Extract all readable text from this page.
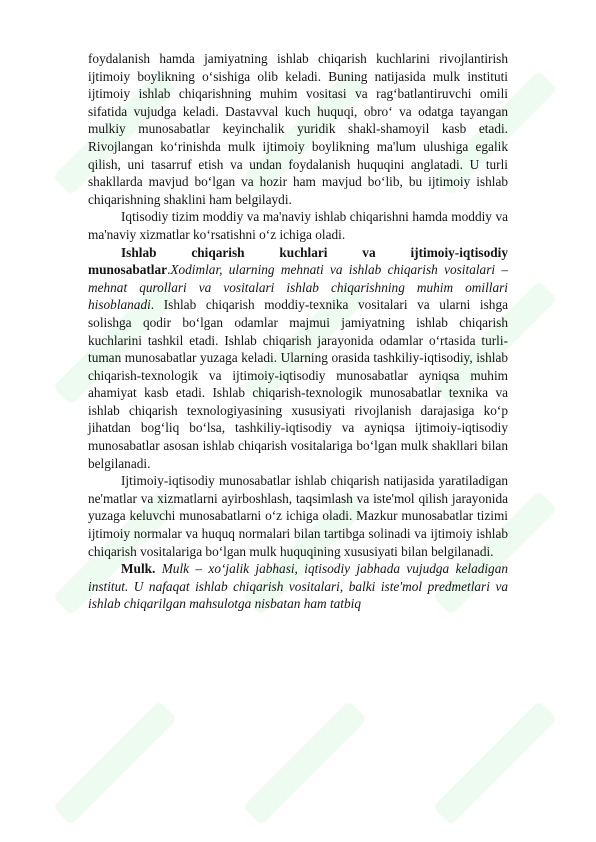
foydalanish hamda jamiyatning ishlab chiqarish kuchlarini rivojlantirish ijtimoiy boylikning o‘sishiga olib keladi. Buning natijasida mulk instituti ijtimoiy ishlab chiqarishning muhim vositasi va rag‘batlantiruvchi omili sifatida vujudga keladi. Dastavval kuch huquqi, obro‘ va odatga tayangan mulkiy munosabatlar keyinchalik yuridik shakl-shamoyil kasb etadi. Rivojlangan ko‘rinishda mulk ijtimoiy boylikning ma'lum ulushiga egalik qilish, uni tasarruf etish va undan foydalanish huquqini anglatadi. U turli shakllarda mavjud bo‘lgan va hozir ham mavjud bo‘lib, bu ijtimoiy ishlab chiqarishning shaklini ham belgilaydi.

Iqtisodiy tizim moddiy va ma'naviy ishlab chiqarishni hamda moddiy va ma'naviy xizmatlar ko‘rsatishni o‘z ichiga oladi.

Ishlab chiqarish kuchlari va ijtimoiy-iqtisodiy munosabatlar.Xodimlar, ularning mehnati va ishlab chiqarish vositalari – mehnat qurollari va vositalari ishlab chiqarishning muhim omillari hisoblanadi. Ishlab chiqarish moddiy-texnika vositalari va ularni ishga solishga qodir bo‘lgan odamlar majmui jamiyatning ishlab chiqarish kuchlarini tashkil etadi. Ishlab chiqarish jarayonida odamlar o‘rtasida turli-tuman munosabatlar yuzaga keladi. Ularning orasida tashkiliy-iqtisodiy, ishlab chiqarish-texnologik va ijtimoiy-iqtisodiy munosabatlar ayniqsa muhim ahamiyat kasb etadi. Ishlab chiqarish-texnologik munosabatlar texnika va ishlab chiqarish texnologiyasining xususiyati rivojlanish darajasiga ko‘p jihatdan bog‘liq bo‘lsa, tashkiliy-iqtisodiy va ayniqsa ijtimoiy-iqtisodiy munosabatlar asosan ishlab chiqarish vositalariga bo‘lgan mulk shakllari bilan belgilanadi.

Ijtimoiy-iqtisodiy munosabatlar ishlab chiqarish natijasida yaratiladigan ne'matlar va xizmatlarni ayirboshlash, taqsimlash va iste'mol qilish jarayonida yuzaga keluvchi munosabatlarni o‘z ichiga oladi. Mazkur munosabatlar tizimi ijtimoiy normalar va huquq normalari bilan tartibga solinadi va ijtimoiy ishlab chiqarish vositalariga bo‘lgan mulk huquqining xususiyati bilan belgilanadi.

Mulk. Mulk – xo‘jalik jabhasi, iqtisodiy jabhada vujudga keladigan institut. U nafaqat ishlab chiqarish vositalari, balki iste'mol predmetlari va ishlab chiqarilgan mahsulotga nisbatan ham tatbiq
